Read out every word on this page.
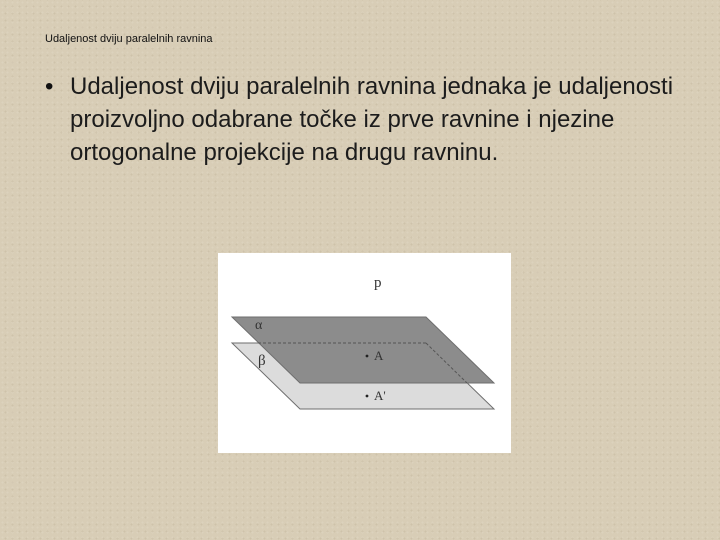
Udaljenost dviju paralelnih ravnina
• Udaljenost dviju paralelnih ravnina jednaka je udaljenosti proizvoljno odabrane točke iz prve ravnine i njezine ortogonalne projekcije na drugu ravninu.
p
α
β	A
A'
